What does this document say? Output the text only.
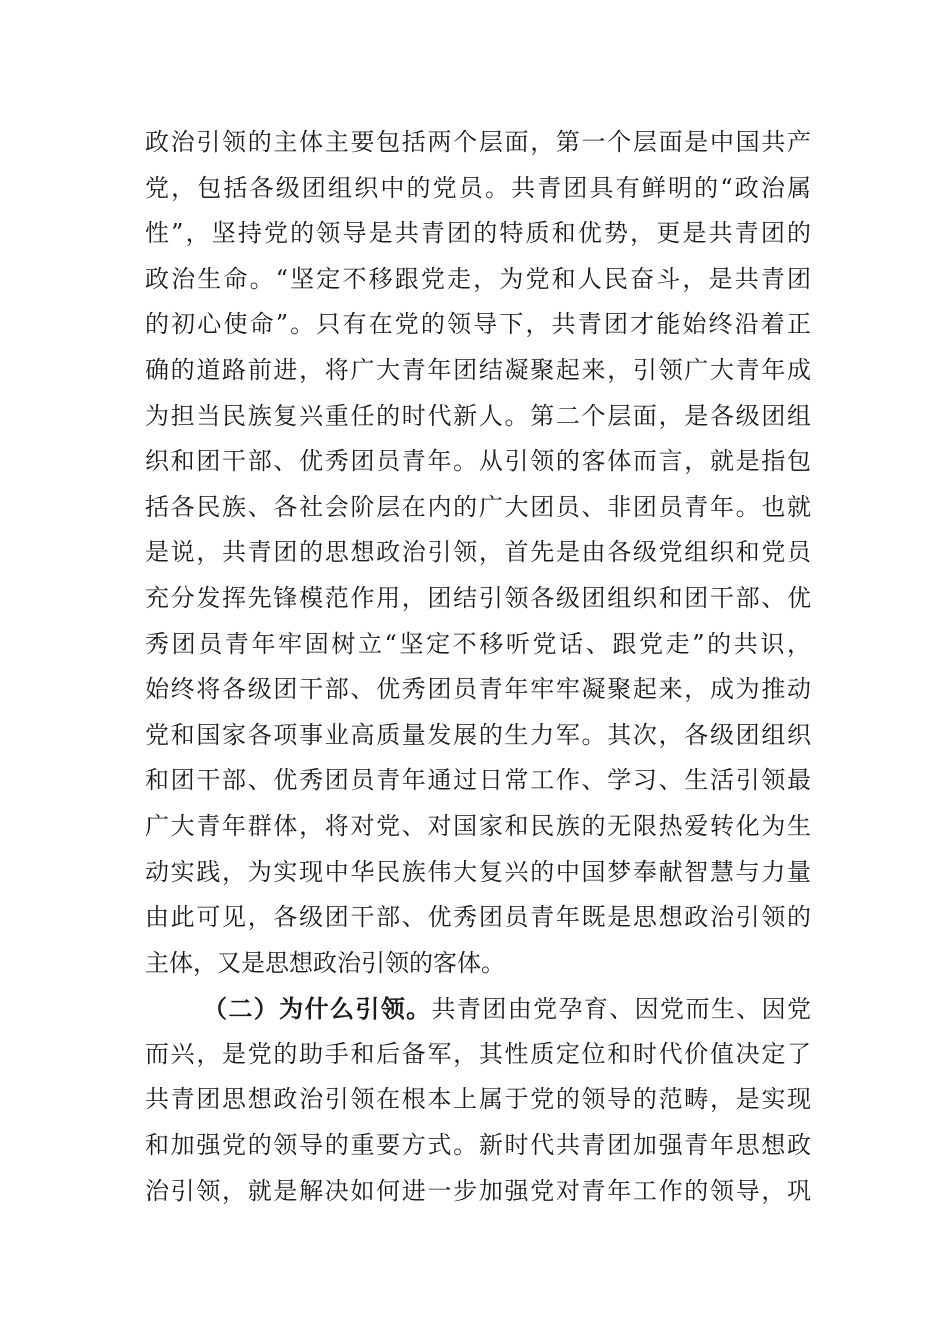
政治引领的主体主要包括两个层面，第一个层面是中国共产
党，包括各级团组织中的党员。共青团具有鲜明的“政治属
性”，坚持党的领导是共青团的特质和优势，更是共青团的
政治生命。“坚定不移跟党走，为党和人民奋斗，是共青团
的初心使命”。只有在党的领导下，共青团才能始终沿着正
确的道路前进，将广大青年团结凝聚起来，引领广大青年成
为担当民族复兴重任的时代新人。第二个层面，是各级团组
织和团干部、优秀团员青年。从引领的客体而言，就是指包
括各民族、各社会阶层在内的广大团员、非团员青年。也就
是说，共青团的思想政治引领，首先是由各级党组织和党员
充分发挥先锋模范作用，团结引领各级团组织和团干部、优
秀团员青年牢固树立“坚定不移听党话、跟党走”的共识，
始终将各级团干部、优秀团员青年牢牢凝聚起来，成为推动
党和国家各项事业高质量发展的生力军。其次，各级团组织
和团干部、优秀团员青年通过日常工作、学习、生活引领最
广大青年群体，将对党、对国家和民族的无限热爱转化为生
动实践，为实现中华民族伟大复兴的中国梦奉献智慧与力量
由此可见，各级团干部、优秀团员青年既是思想政治引领的
主体，又是思想政治引领的客体。
（二）为什么引领。共青团由党孕育、因党而生、因党
而兴，是党的助手和后备军，其性质定位和时代价值决定了
共青团思想政治引领在根本上属于党的领导的范畴，是实现
和加强党的领导的重要方式。新时代共青团加强青年思想政
治引领，就是解决如何进一步加强党对青年工作的领导，巩
